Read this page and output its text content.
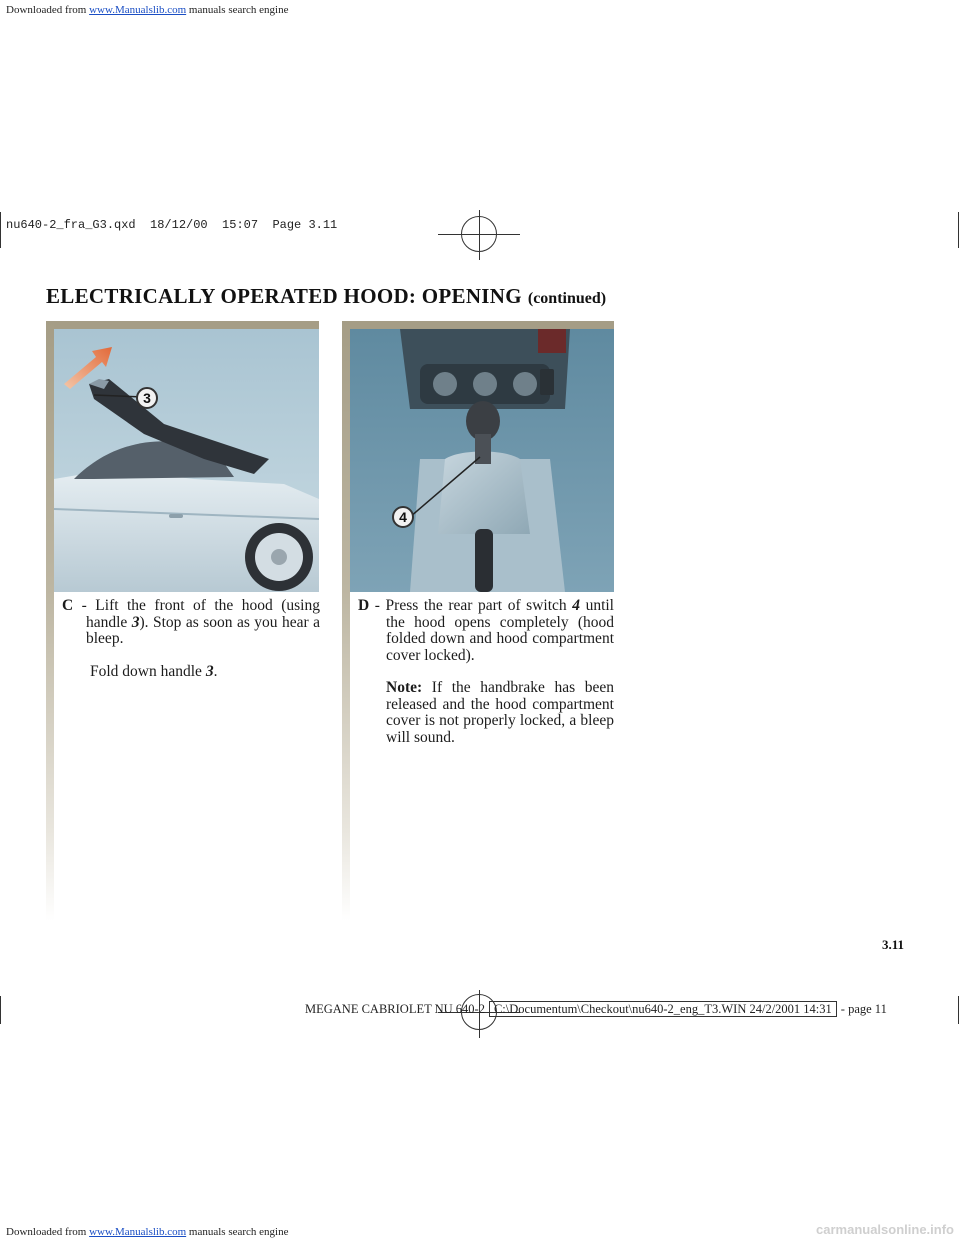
Downloaded from www.Manualslib.com manuals search engine
nu640-2_fra_G3.qxd  18/12/00  15:07  Page 3.11
ELECTRICALLY OPERATED HOOD: OPENING (continued)
3
4

C - Lift the front of the hood (using handle 3). Stop as soon as you hear a bleep.

Fold down handle 3.

D - Press the rear part of switch 4 until the hood opens completely (hood folded down and hood compartment cover locked).

Note: If the handbrake has been released and the hood compartment cover is not properly locked, a bleep will sound.

3.11
MEGANE CABRIOLET NU 640-2 C:\Documentum\Checkout\nu640-2_eng_T3.WIN 24/2/2001 14:31 - page 11
Downloaded from www.Manualslib.com manuals search engine	carmanualsonline.info
